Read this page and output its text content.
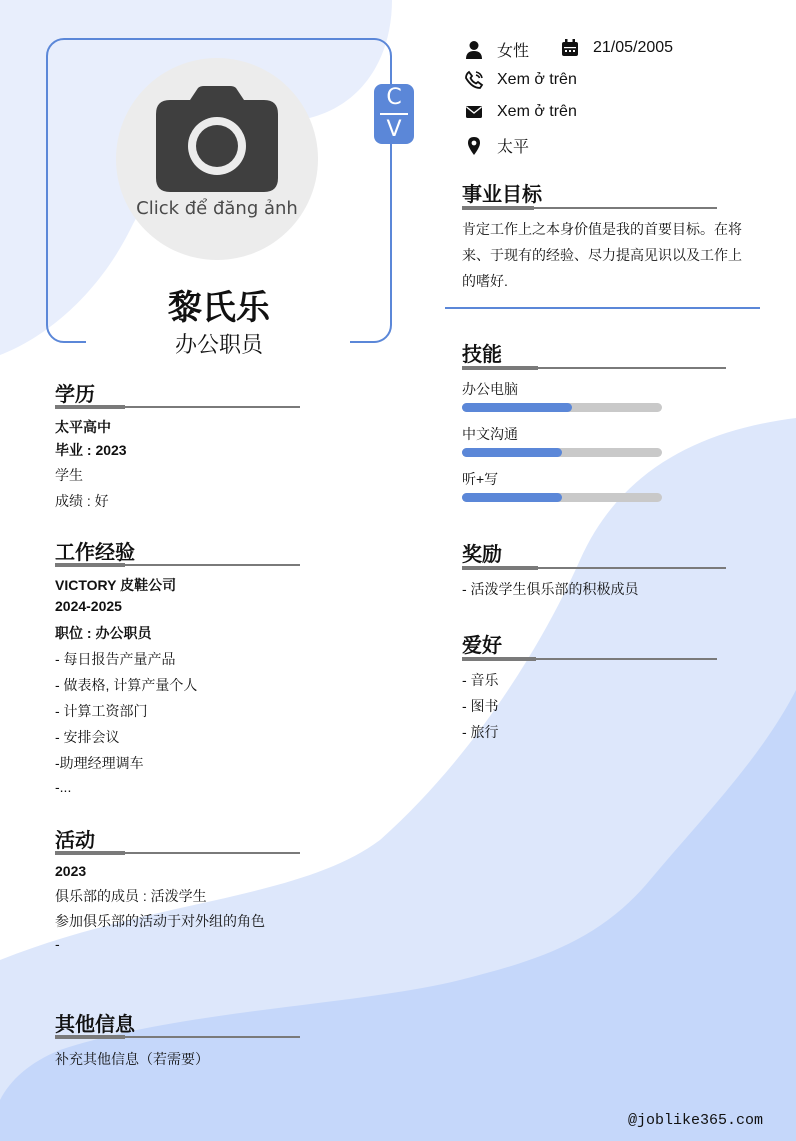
Click để đăng ảnh
C
V
黎氏乐
办公职员
女性	21/05/2005
Xem ở trên
Xem ở trên
太平
事业目标
肯定工作上之本身价值是我的首要目标。在将
来、于现有的经验、尽力提高见识以及工作上
的嗜好.
技能
办公电脑
中文沟通
听+写
奖励
- 活泼学生俱乐部的积极成员
爱好
- 音乐
- 图书
- 旅行
学历
太平高中
毕业 : 2023
学生
成绩 : 好
工作经验
VICTORY 皮鞋公司
2024-2025
职位 : 办公职员
- 每日报告产量产品
- 做表格, 计算产量个人
- 计算工资部门
- 安排会议
-助理经理调车
-...
活动
2023
俱乐部的成员 : 活泼学生
参加俱乐部的活动于对外组的角色
-
其他信息
补充其他信息（若需要）
@joblike365.com
